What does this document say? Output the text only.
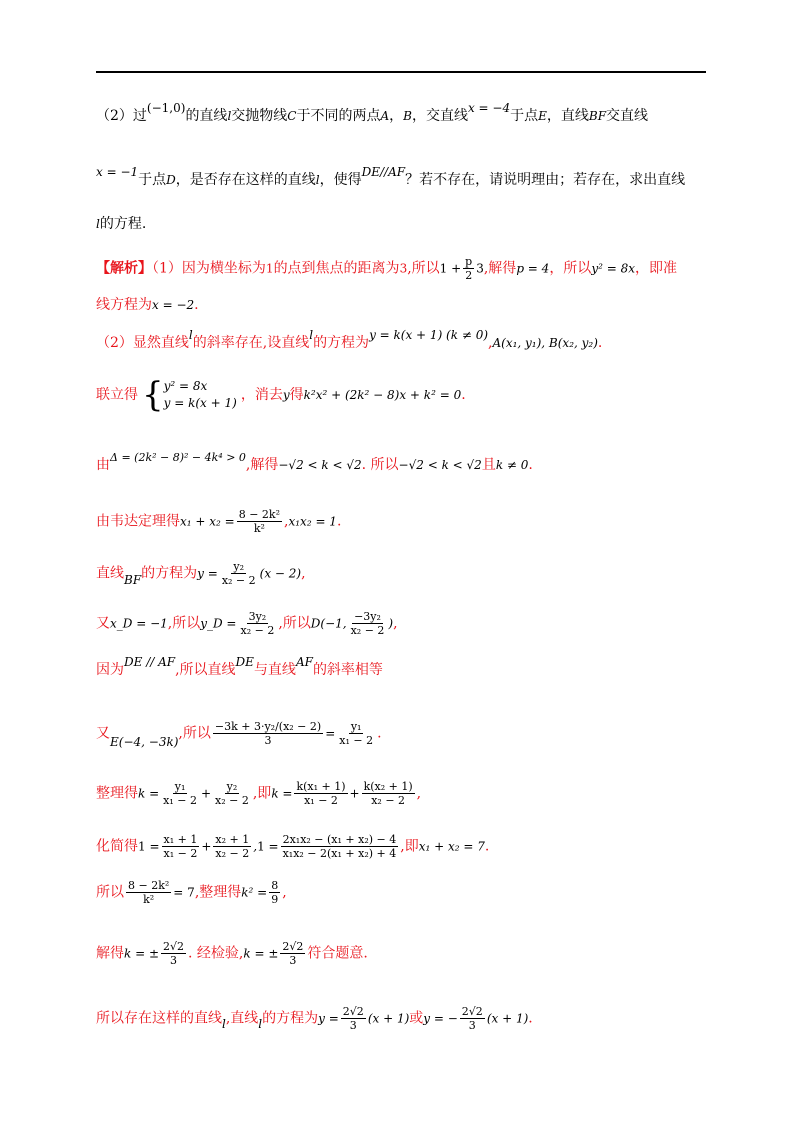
（2）过(−1,0)的直线l交抛物线C于不同的两点A，B，交直线x = −4于点E，直线BF交直线
x = −1于点D，是否存在这样的直线l，使得DE//AF？若不存在，请说明理由；若存在，求出直线
l的方程.
【解析】（1）因为横坐标为1的点到焦点的距离为3,所以$1 + \frac{p}{2} 3$,解得p = 4，所以y² = 8x，即准
线方程为x = −2.
（2）显然直线l的斜率存在,设直线l的方程为y = k(x + 1) (k ≠ 0),A(x₁, y₁), B(x₂, y₂).
联立得 { y² = 8x
y = k(x + 1) ，消去y得k²x² + (2k² − 8)x + k² = 0.
由$^{\Delta = (2k^2 - 8)^2 - 4k^4 > 0}$,解得−√2 < k < √2. 所以−√2 < k < √2且k ≠ 0.
由韦达定理得$x_1 + x_2 = \frac{\text{8 − 2k²}}{\text{k²}} ,x_1x_2 = 1$.
直线BF的方程为$y = \frac{\text{y₂}}{\text{x₂ − 2}} (x - 2)$,
又x_D = −1,所以y_D = $\frac{\text{3y₂}}{\text{x₂ − 2}}$ ,所以D(−1, $\frac{\text{−3y₂}}{\text{x₂ − 2}}$ ),
因为DE // AF,所以直线DE与直线AF的斜率相等
又E(−4, −3k),所以 $\frac{\text{−3k + 3·y₂/(x₂ − 2)}}{3} = \frac{\text{y₁}}{\text{x₁ − 2}}$ .
整理得$k = \frac{\text{y₁}}{\text{x₁ − 2}} + \frac{\text{y₂}}{\text{x₂ − 2}}$ ,即$k = \frac{\text{k(x₁ + 1)}}{\text{x₁ − 2}} + \frac{\text{k(x₂ + 1)}}{\text{x₂ − 2}}$ ,
化简得$1 = \frac{\text{x₁ + 1}}{\text{x₁ − 2}} + \frac{\text{x₂ + 1}}{\text{x₂ − 2}} ,1 = \frac{\text{2x₁x₂ − (x₁ + x₂) − 4}}{\text{x₁x₂ − 2(x₁ + x₂) + 4}}$ ,即x₁ + x₂ = 7.
所以 $\frac{\text{8 − 2k²}}{\text{k²}} = 7$,整理得$k^2 = \frac{8}{9}$ ,
解得k = ± $\frac{2√2}{3}$ . 经检验,k = ± $\frac{2√2}{3}$ 符合题意.
所以存在这样的直线l,直线l的方程为$y = \frac{2√2}{3} (x + 1)$或y = − $\frac{2√2}{3} (x + 1)$.
